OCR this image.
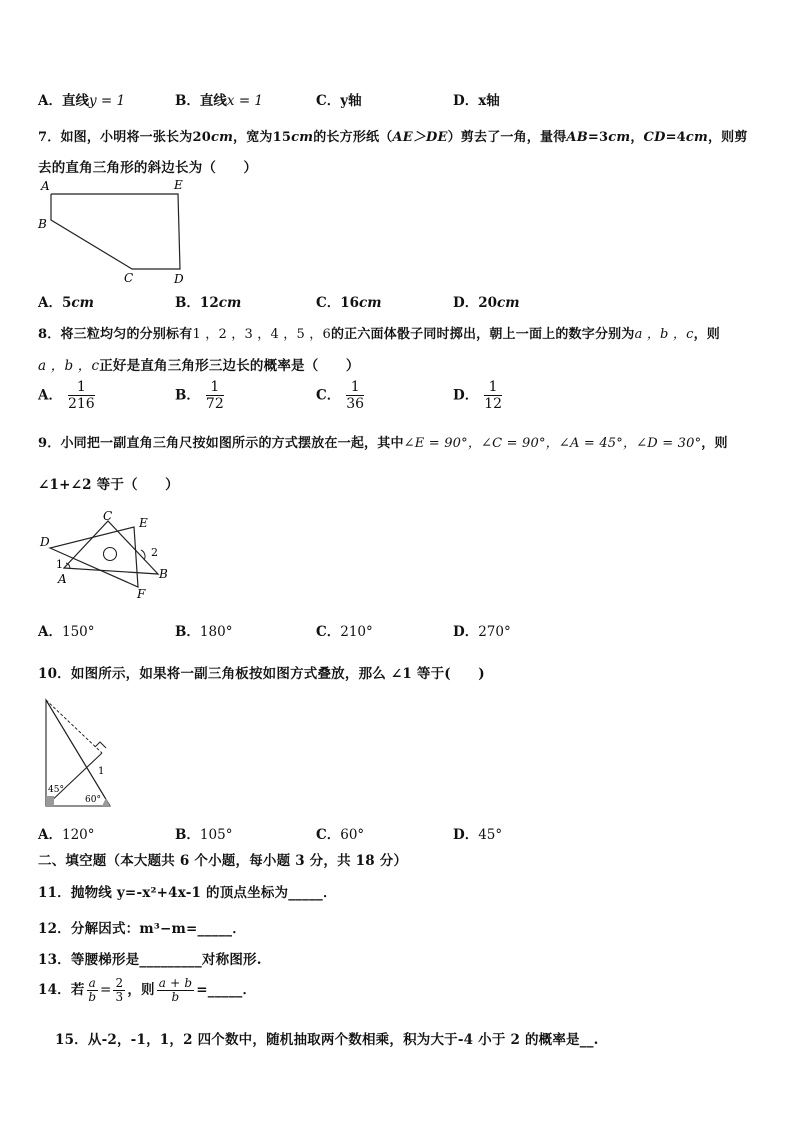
A．直线y = 1	B．直线x = 1	C．y轴	D．x轴
7．如图，小明将一张长为20cm，宽为15cm的长方形纸（AE＞DE）剪去了一角，量得AB=3cm，CD=4cm，则剪
去的直角三角形的斜边长为（　　）
A	E
B
C	D
A．5cm	B．12cm	C．16cm	D．20cm
8．将三粒均匀的分别标有1 ，2 ，3 ，4 ，5 ，6的正六面体骰子同时掷出，朝上一面上的数字分别为a ，b ，c，则
a ，b ，c正好是直角三角形三边长的概率是（　　）
A． $\frac{1}{216}$	B． $\frac{1}{72}$	C． $\frac{1}{36}$	D． $\frac{1}{12}$
9．小同把一副直角三角尺按如图所示的方式摆放在一起，其中∠E = 90°，∠C = 90°，∠A = 45°，∠D = 30°，则
∠1+∠2 等于（　　）
C E
D
1
2
A	B
F
A．150°	B．180°	C．210°	D．270°
10．如图所示，如果将一副三角板按如图方式叠放，那么 ∠1 等于(　　)
1
45°
60°
A．120°	B．105°	C．60°	D．45°
二、填空题（本大题共 6 个小题，每小题 3 分，共 18 分）
11．抛物线 y=-x²+4x-1 的顶点坐标为_____．
12．分解因式：m³−m=_____．
13．等腰梯形是_________对称图形.
14．若 $\frac{a}{b} = \frac{2}{3}$ ，则 $\frac{a + b}{b}$ =_____．
15．从-2，-1，1，2 四个数中，随机抽取两个数相乘，积为大于-4 小于 2 的概率是__.
